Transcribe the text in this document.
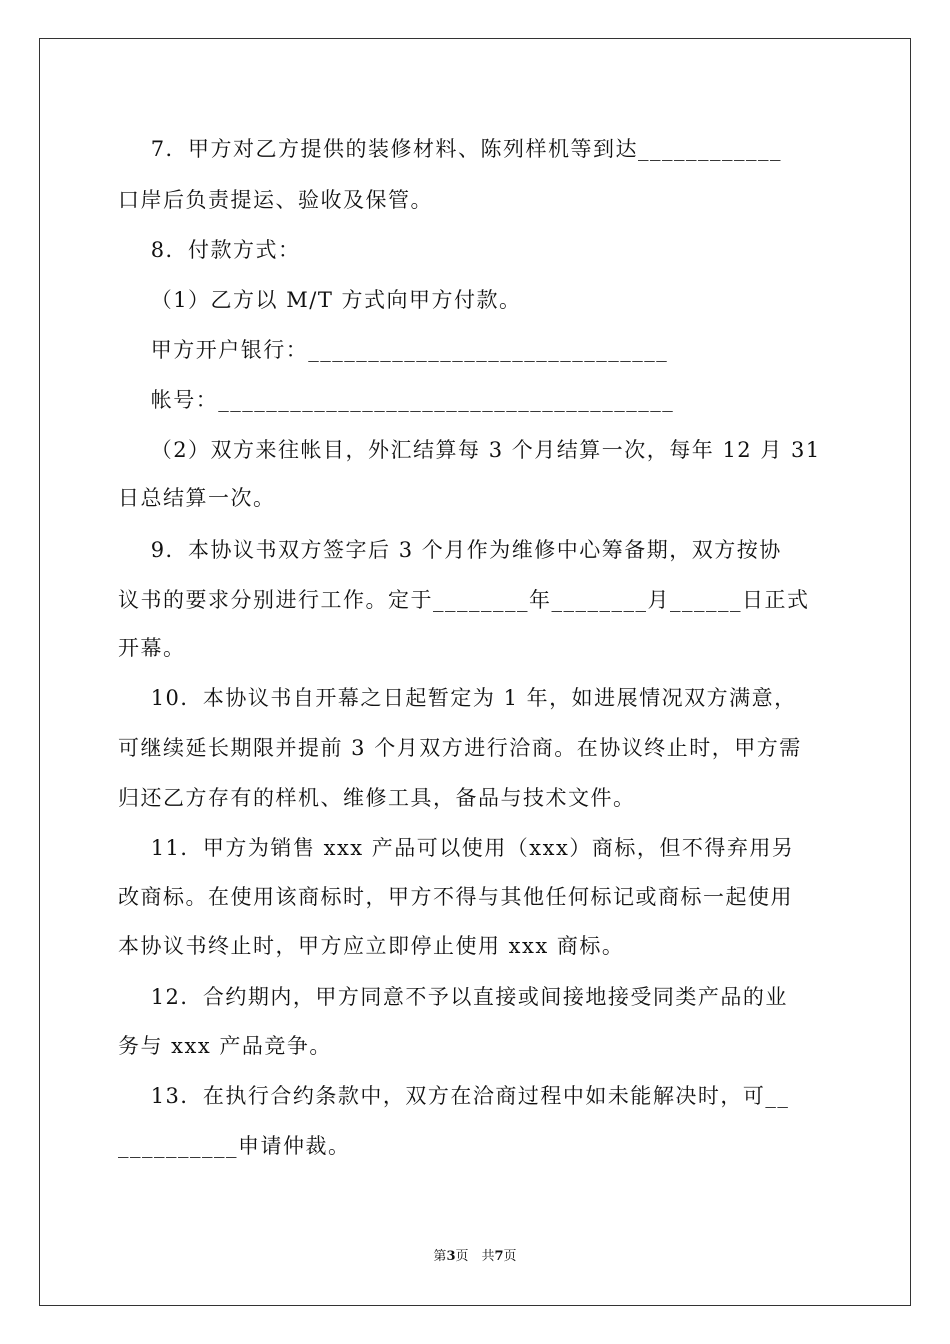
7．甲方对乙方提供的装修材料、陈列样机等到达____________
口岸后负责提运、验收及保管。
8．付款方式：
（1）乙方以 M/T 方式向甲方付款。
甲方开户银行：______________________________
帐号：______________________________________
（2）双方来往帐目，外汇结算每 3 个月结算一次，每年 12 月 31
日总结算一次。
9．本协议书双方签字后 3 个月作为维修中心筹备期，双方按协
议书的要求分别进行工作。定于________年________月______日正式
开幕。
10．本协议书自开幕之日起暂定为 1 年，如进展情况双方满意，
可继续延长期限并提前 3 个月双方进行洽商。在协议终止时，甲方需
归还乙方存有的样机、维修工具，备品与技术文件。
11．甲方为销售 xxx 产品可以使用（xxx）商标，但不得弃用另
改商标。在使用该商标时，甲方不得与其他任何标记或商标一起使用
本协议书终止时，甲方应立即停止使用 xxx 商标。
12．合约期内，甲方同意不予以直接或间接地接受同类产品的业
务与 xxx 产品竞争。
13．在执行合约条款中，双方在洽商过程中如未能解决时，可__
__________申请仲裁。
第3页　共7页
